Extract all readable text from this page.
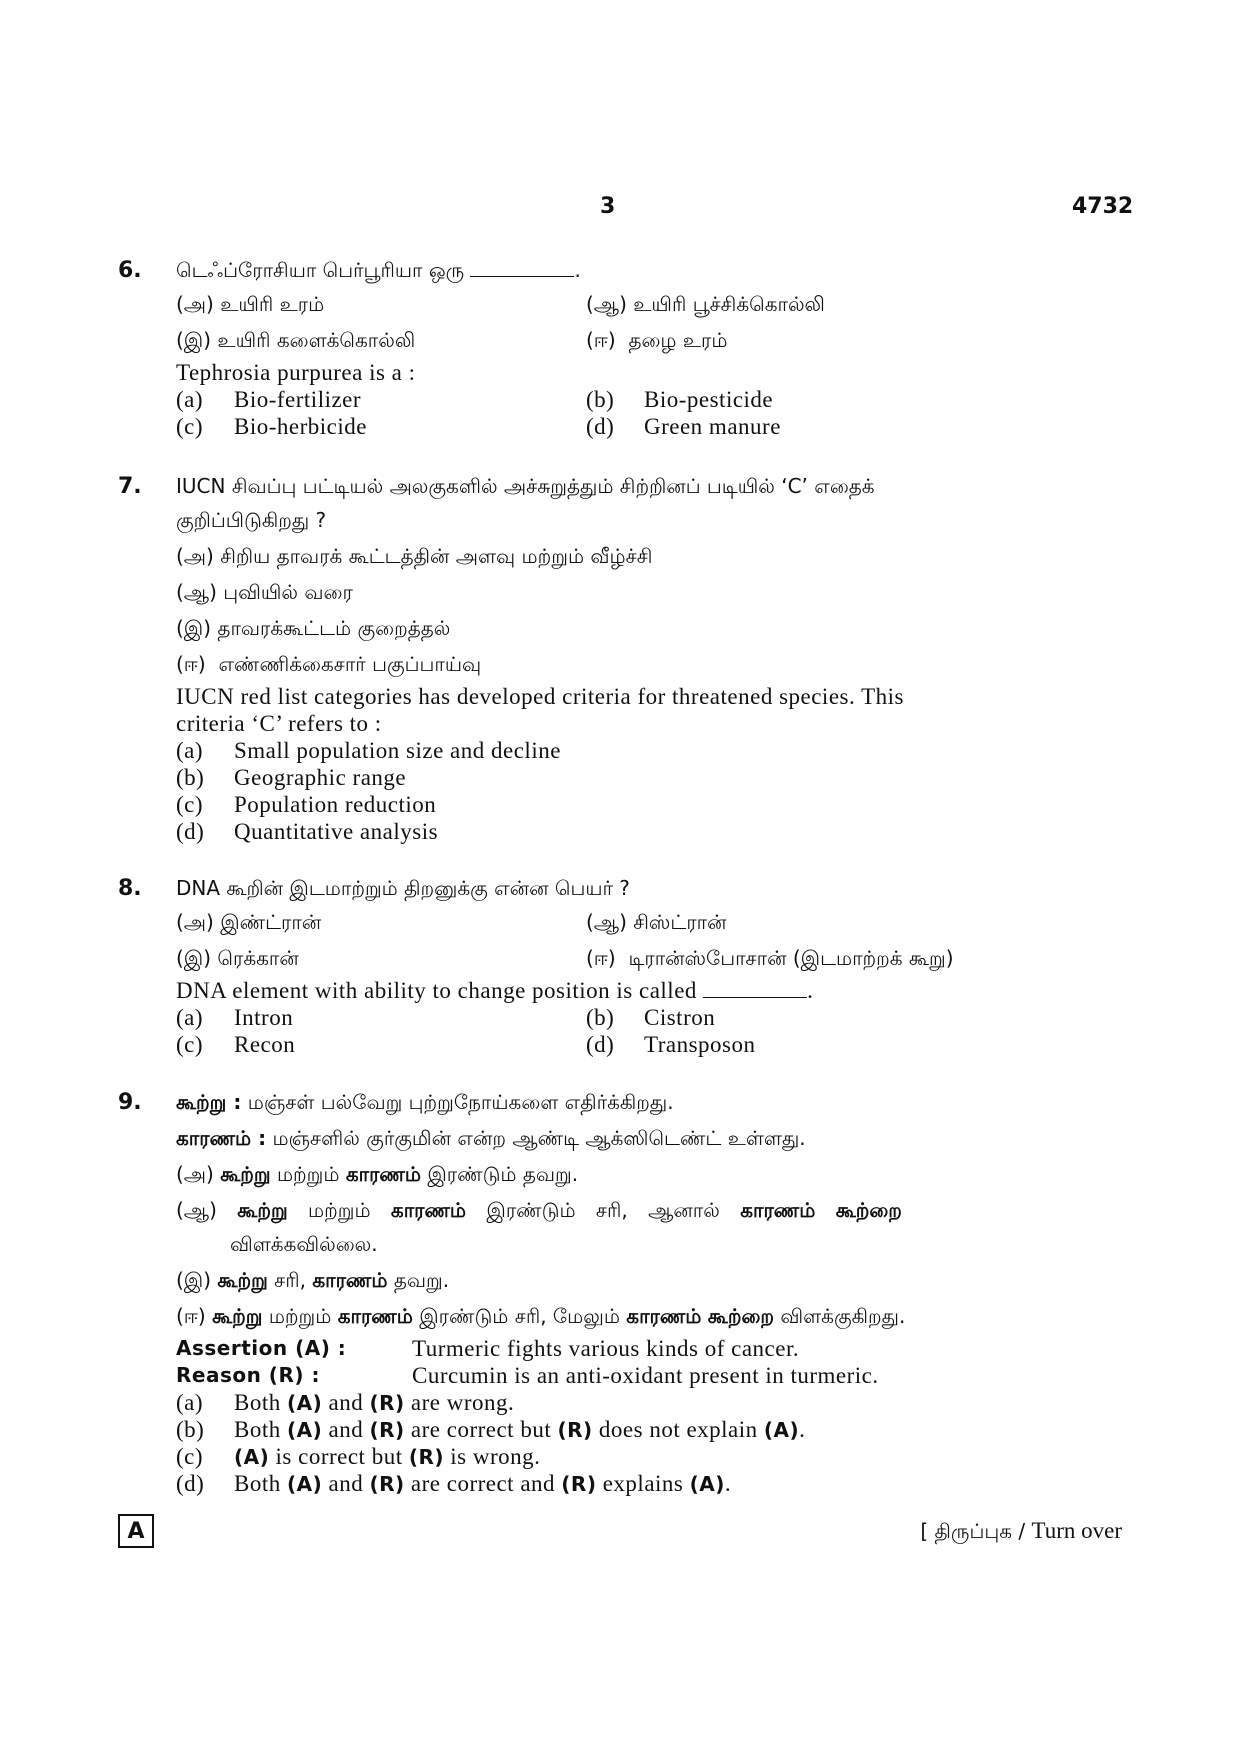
3	4732
6. டெஃப்ரோசியா பெர்பூரியா ஒரு	.
(அ) உயிரி உரம்	(ஆ) உயிரி பூச்சிக்கொல்லி
(இ) உயிரி களைக்கொல்லி	(ஈ) தழை உரம்
Tephrosia purpurea is a :
(a) Bio-fertilizer	(b) Bio-pesticide
(c) Bio-herbicide	(d) Green manure
7. IUCN சிவப்பு பட்டியல் அலகுகளில் அச்சுறுத்தும் சிற்றினப் படியில் ‘C’ எதைக்
குறிப்பிடுகிறது ?
(அ) சிறிய தாவரக் கூட்டத்தின் அளவு மற்றும் வீழ்ச்சி
(ஆ) புவியில் வரை
(இ) தாவரக்கூட்டம் குறைத்தல்
(ஈ) எண்ணிக்கைசார் பகுப்பாய்வு
IUCN red list categories has developed criteria for threatened species. This
criteria ‘C’ refers to :
(a) Small population size and decline
(b) Geographic range
(c) Population reduction
(d) Quantitative analysis
8. DNA கூறின் இடமாற்றும் திறனுக்கு என்ன பெயர் ?
(அ) இண்ட்ரான்	(ஆ) சிஸ்ட்ரான்
(இ) ரெக்கான்	(ஈ) டிரான்ஸ்போசான் (இடமாற்றக் கூறு)
DNA element with ability to change position is called	.
(a) Intron	(b) Cistron
(c) Recon	(d) Transposon
9. கூற்று : மஞ்சள் பல்வேறு புற்றுநோய்களை எதிர்க்கிறது.
காரணம் : மஞ்சளில் குர்குமின் என்ற ஆண்டி ஆக்ஸிடெண்ட் உள்ளது.
(அ) கூற்று மற்றும் காரணம் இரண்டும் தவறு.
(ஆ) கூற்று மற்றும் காரணம் இரண்டும் சரி, ஆனால் காரணம் கூற்றை
விளக்கவில்லை.
(இ) கூற்று சரி, காரணம் தவறு.
(ஈ) கூற்று மற்றும் காரணம் இரண்டும் சரி, மேலும் காரணம் கூற்றை விளக்குகிறது.
Assertion (A) :	Turmeric fights various kinds of cancer.
Reason (R) :	Curcumin is an anti-oxidant present in turmeric.
(a) Both (A) and (R) are wrong.
(b) Both (A) and (R) are correct but (R) does not explain (A).
(c) (A) is correct but (R) is wrong.
(d) Both (A) and (R) are correct and (R) explains (A).
A	[ திருப்புக / Turn over
